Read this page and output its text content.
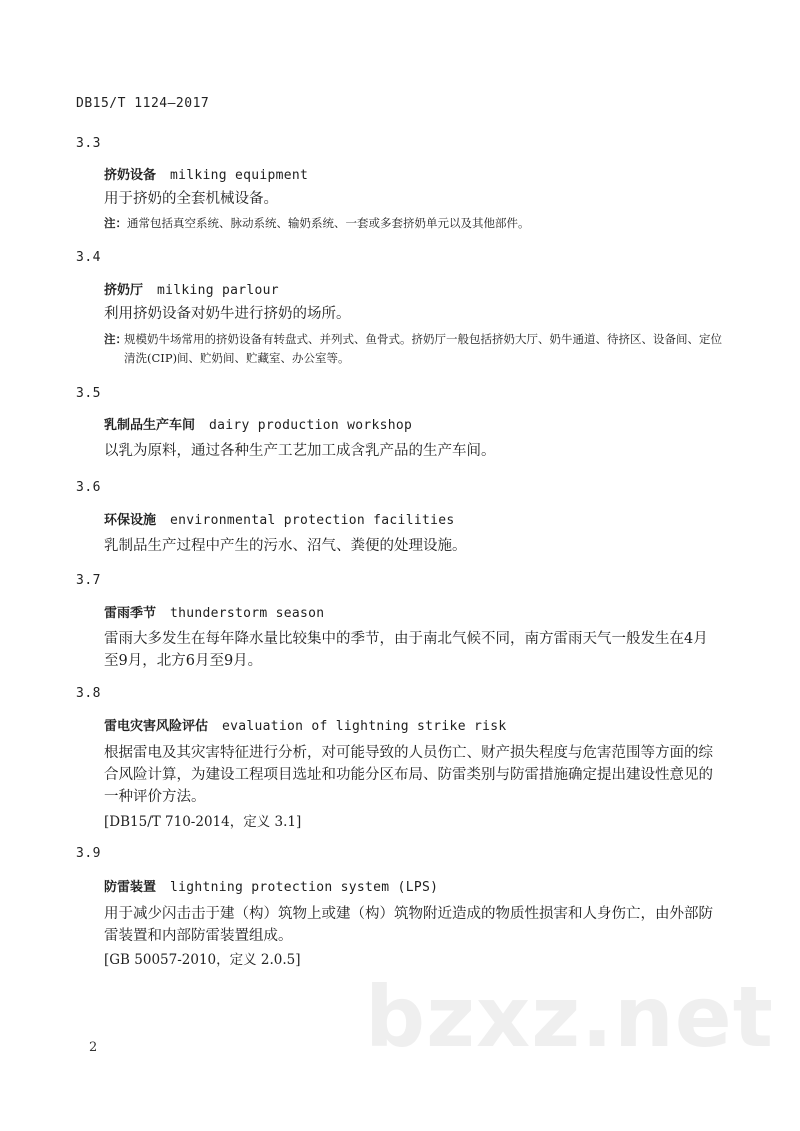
DB15/T 1124—2017
3.3
挤奶设备 milking equipment
用于挤奶的全套机械设备。
注：通常包括真空系统、脉动系统、输奶系统、一套或多套挤奶单元以及其他部件。
3.4
挤奶厅 milking parlour
利用挤奶设备对奶牛进行挤奶的场所。
注：
规模奶牛场常用的挤奶设备有转盘式、并列式、鱼骨式。挤奶厅一般包括挤奶大厅、奶牛通道、待挤区、设备间、定位清洗(CIP)间、贮奶间、贮藏室、办公室等。
3.5
乳制品生产车间 dairy production workshop
以乳为原料，通过各种生产工艺加工成含乳产品的生产车间。
3.6
环保设施 environmental protection facilities
乳制品生产过程中产生的污水、沼气、粪便的处理设施。
3.7
雷雨季节 thunderstorm season
雷雨大多发生在每年降水量比较集中的季节，由于南北气候不同，南方雷雨天气一般发生在4月至9月，北方6月至9月。
3.8
雷电灾害风险评估 evaluation of lightning strike risk
根据雷电及其灾害特征进行分析，对可能导致的人员伤亡、财产损失程度与危害范围等方面的综合风险计算，为建设工程项目选址和功能分区布局、防雷类别与防雷措施确定提出建设性意见的一种评价方法。
[DB15/T 710-2014，定义 3.1]
3.9
防雷装置 lightning protection system (LPS)
用于减少闪击击于建（构）筑物上或建（构）筑物附近造成的物质性损害和人身伤亡，由外部防雷装置和内部防雷装置组成。
[GB 50057-2010，定义 2.0.5]
bzxz.net
2
